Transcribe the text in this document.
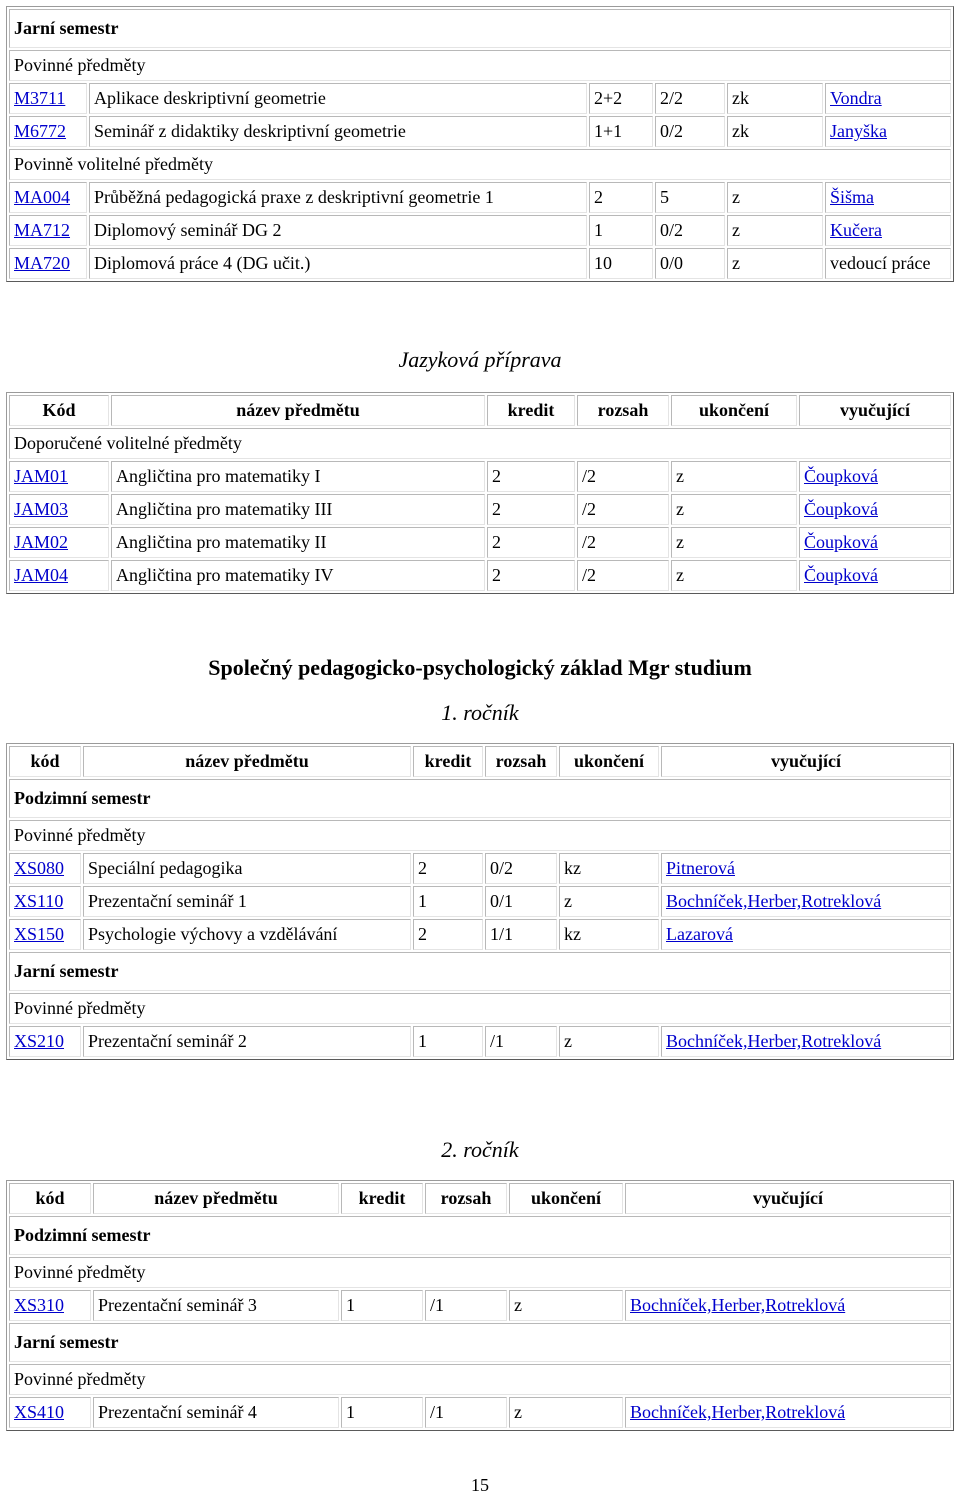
Jarní semestr					
Povinné předměty					
M3711	Aplikace deskriptivní geometrie	2+2	2/2	zk	Vondra
M6772	Seminář z didaktiky deskriptivní geometrie	1+1	0/2	zk	Janyška
Povinně volitelné předměty					
MA004	Průběžná pedagogická praxe z deskriptivní geometrie 1	2	5	z	Šišma
MA712	Diplomový seminář DG 2	1	0/2	z	Kučera
MA720	Diplomová práce 4 (DG učit.)	10	0/0	z	vedoucí práce
Jazyková příprava
Kód	název předmětu	kredit	rozsah	ukončení	vyučující
Doporučené volitelné předměty					
JAM01	Angličtina pro matematiky I	2	/2	z	Čoupková
JAM03	Angličtina pro matematiky III	2	/2	z	Čoupková
JAM02	Angličtina pro matematiky II	2	/2	z	Čoupková
JAM04	Angličtina pro matematiky IV	2	/2	z	Čoupková
Společný pedagogicko-psychologický základ Mgr studium
1. ročník
kód	název předmětu	kredit	rozsah	ukončení	vyučující
Podzimní semestr					
Povinné předměty					
XS080	Speciální pedagogika	2	0/2	kz	Pitnerová
XS110	Prezentační seminář 1	1	0/1	z	Bochníček,Herber,Rotreklová
XS150	Psychologie výchovy a vzdělávání	2	1/1	kz	Lazarová
Jarní semestr					
Povinné předměty					
XS210	Prezentační seminář 2	1	/1	z	Bochníček,Herber,Rotreklová
2. ročník
kód	název předmětu	kredit	rozsah	ukončení	vyučující
Podzimní semestr					
Povinné předměty					
XS310	Prezentační seminář 3	1	/1	z	Bochníček,Herber,Rotreklová
Jarní semestr					
Povinné předměty					
XS410	Prezentační seminář 4	1	/1	z	Bochníček,Herber,Rotreklová
15
